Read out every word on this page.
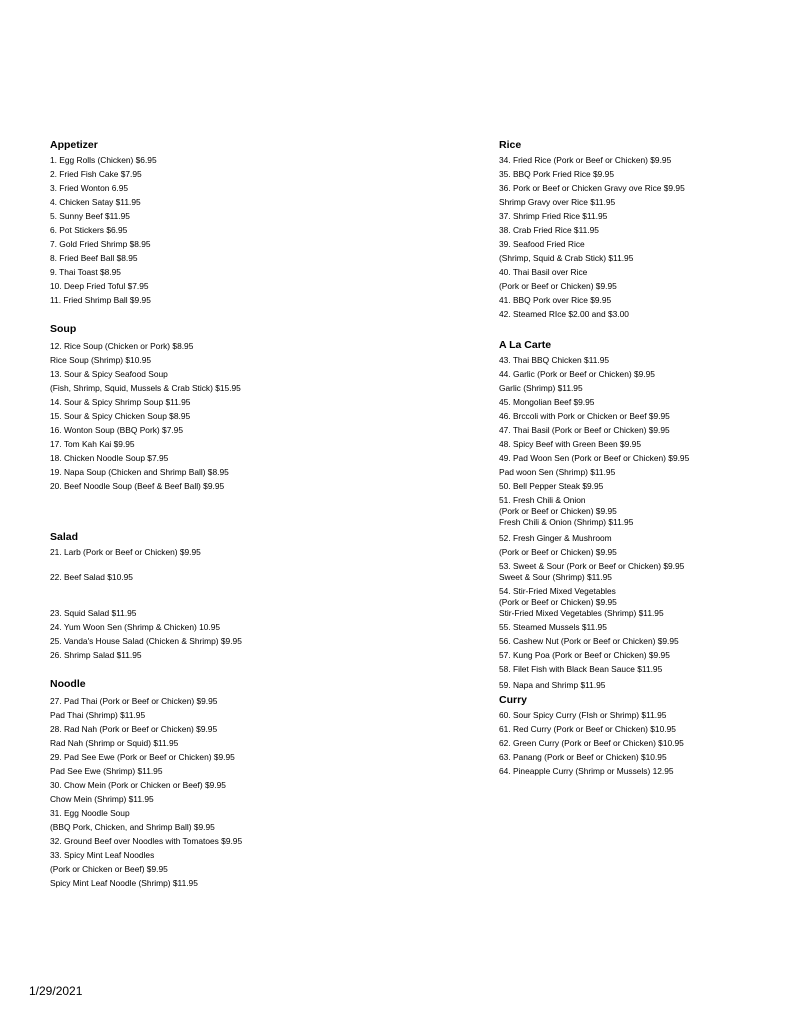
Appetizer
1. Egg Rolls (Chicken) $6.95
2. Fried Fish Cake $7.95
3. Fried Wonton 6.95
4. Chicken Satay $11.95
5. Sunny Beef $11.95
6. Pot Stickers $6.95
7. Gold Fried Shrimp $8.95
8. Fried Beef Ball $8.95
9. Thai Toast $8.95
10. Deep Fried Toful $7.95
11. Fried Shrimp Ball $9.95
Soup
12. Rice Soup (Chicken or Pork) $8.95
Rice Soup (Shrimp) $10.95
13. Sour & Spicy Seafood Soup
(Fish, Shrimp, Squid, Mussels & Crab Stick) $15.95
14. Sour & Spicy Shrimp Soup $11.95
15. Sour & Spicy Chicken Soup $8.95
16. Wonton Soup (BBQ Pork) $7.95
17. Tom Kah Kai $9.95
18. Chicken Noodle Soup $7.95
19. Napa Soup (Chicken and Shrimp Ball) $8.95
20. Beef Noodle Soup (Beef & Beef Ball) $9.95
Salad
21. Larb (Pork or Beef or Chicken) $9.95
22. Beef Salad $10.95
23. Squid Salad $11.95
24. Yum Woon Sen (Shrimp & Chicken) 10.95
25. Vanda's House Salad (Chicken & Shrimp) $9.95
26. Shrimp Salad $11.95
Noodle
27. Pad Thai (Pork or Beef or Chicken) $9.95
Pad Thai (Shrimp) $11.95
28. Rad Nah (Pork or Beef or Chicken) $9.95
Rad Nah (Shrimp or Squid) $11.95
29. Pad See Ewe (Pork or Beef or Chicken) $9.95
Pad See Ewe (Shrimp) $11.95
30. Chow Mein (Pork or Chicken or Beef) $9.95
Chow Mein (Shrimp) $11.95
31. Egg Noodle Soup
(BBQ Pork, Chicken, and Shrimp Ball) $9.95
32. Ground Beef over Noodles with Tomatoes $9.95
33. Spicy Mint Leaf Noodles
(Pork or Chicken or Beef) $9.95
Spicy Mint Leaf Noodle (Shrimp) $11.95
Rice
34. Fried Rice (Pork or Beef or Chicken) $9.95
35. BBQ Pork Fried Rice $9.95
36. Pork or Beef or Chicken Gravy ove Rice $9.95
Shrimp Gravy over Rice $11.95
37. Shrimp Fried Rice $11.95
38. Crab Fried Rice $11.95
39. Seafood Fried Rice
(Shrimp, Squid & Crab Stick) $11.95
40. Thai Basil over Rice
(Pork or Beef or Chicken) $9.95
41. BBQ Pork over Rice $9.95
42. Steamed RIce $2.00 and $3.00
A La Carte
43. Thai BBQ Chicken $11.95
44. Garlic (Pork or Beef or Chicken) $9.95
Garlic (Shrimp) $11.95
45. Mongolian Beef $9.95
46. Brccoli with Pork or Chicken or Beef $9.95
47. Thai Basil (Pork or Beef or Chicken) $9.95
48. Spicy Beef with Green Been $9.95
49. Pad Woon Sen (Pork or Beef or Chicken) $9.95
Pad woon Sen (Shrimp) $11.95
50. Bell Pepper Steak $9.95
51. Fresh Chili & Onion
(Pork or Beef or Chicken) $9.95
Fresh Chili & Onion (Shrimp) $11.95
52. Fresh Ginger & Mushroom
(Pork or Beef or Chicken) $9.95
53. Sweet & Sour (Pork or Beef or Chicken) $9.95
Sweet & Sour (Shrimp) $11.95
54. Stir-Fried Mixed Vegetables
(Pork or Beef or Chicken) $9.95
Stir-Fried Mixed Vegetables (Shrimp) $11.95
55. Steamed Mussels $11.95
56. Cashew Nut (Pork or Beef or Chicken) $9.95
57. Kung Poa (Pork or Beef or Chicken) $9.95
58. Filet Fish with Black Bean Sauce $11.95
59. Napa and Shrimp $11.95
Curry
60. Sour Spicy Curry (FIsh or Shrimp) $11.95
61. Red Curry (Pork or Beef or Chicken) $10.95
62. Green Curry (Pork or Beef or Chicken) $10.95
63. Panang (Pork or Beef or Chicken) $10.95
64. Pineapple Curry (Shrimp or Mussels) 12.95
1/29/2021
